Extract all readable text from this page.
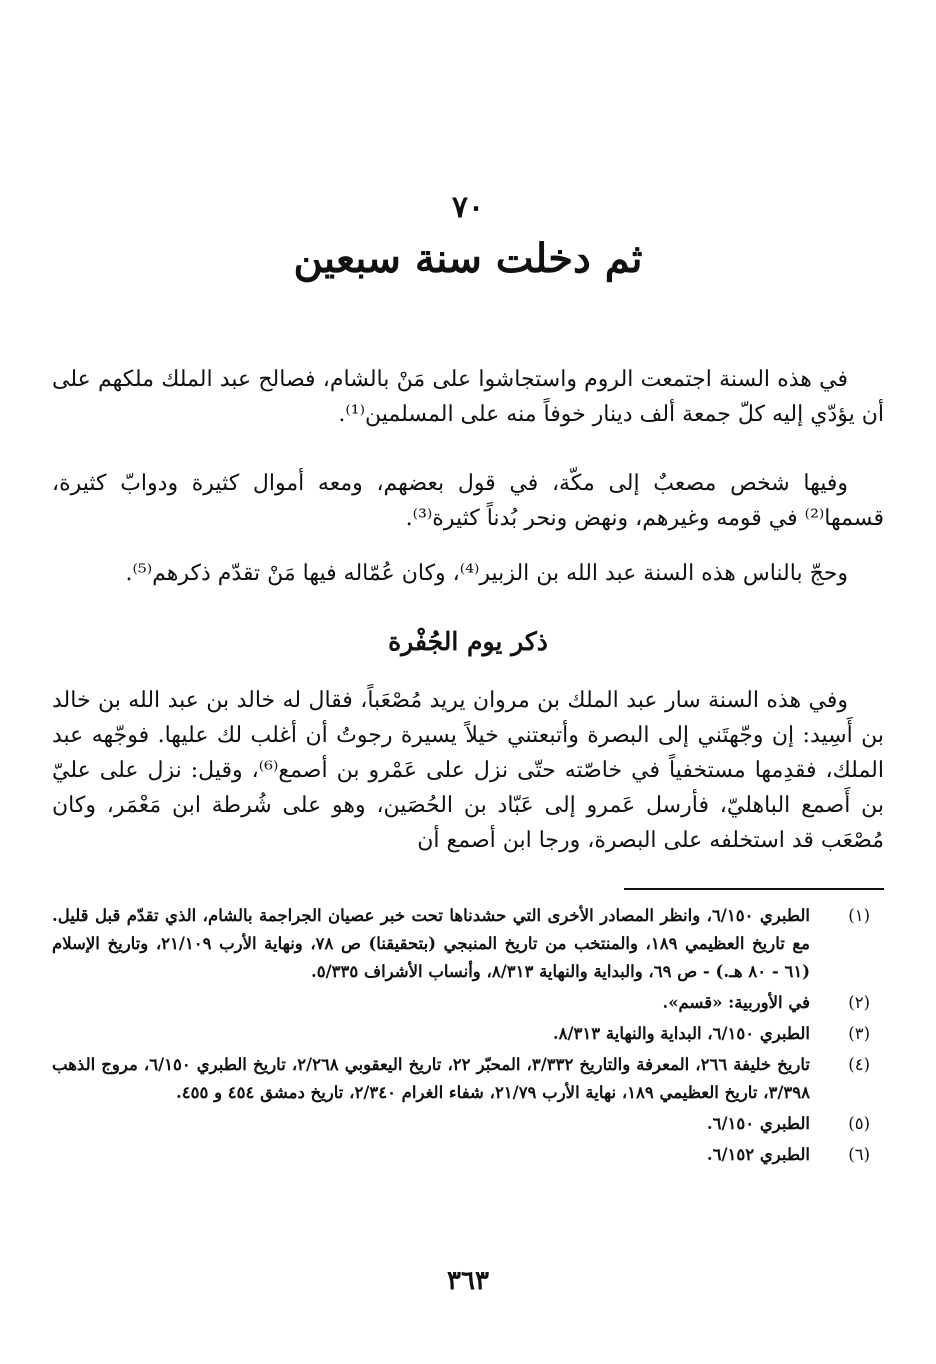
٧٠
ثم دخلت سنة سبعين

في هذه السنة اجتمعت الروم واستجاشوا على مَنْ بالشام، فصالح عبد الملك ملكهم على أن يؤدّي إليه كلّ جمعة ألف دينار خوفاً منه على المسلمين⁽¹⁾.

وفيها شخص مصعبٌ إلى مكّة، في قول بعضهم، ومعه أموال كثيرة ودوابّ كثيرة، قسمها⁽²⁾ في قومه وغيرهم، ونهض ونحر بُدناً كثيرة⁽³⁾.

وحجّ بالناس هذه السنة عبد الله بن الزبير⁽⁴⁾، وكان عُمّاله فيها مَنْ تقدّم ذكرهم⁽⁵⁾.

ذكر يوم الجُفْرة

وفي هذه السنة سار عبد الملك بن مروان يريد مُصْعَباً، فقال له خالد بن عبد الله بن خالد بن أَسِيد: إن وجّهتَني إلى البصرة وأتبعتني خيلاً يسيرة رجوتُ أن أغلب لك عليها. فوجّهه عبد الملك، فقدِمها مستخفياً في خاصّته حتّى نزل على عَمْرو بن أصمع⁽⁶⁾، وقيل: نزل على عليّ بن أَصمع الباهليّ، فأرسل عَمرو إلى عَبّاد بن الحُصَين، وهو على شُرطة ابن مَعْمَر، وكان مُصْعَب قد استخلفه على البصرة، ورجا ابن أصمع أن

(١)
الطبري ٦/١٥٠، وانظر المصادر الأخرى التي حشدناها تحت خبر عصيان الجراجمة بالشام، الذي تقدّم قبل قليل. مع تاريخ العظيمي ١٨٩، والمنتخب من تاريخ المنبجي (بتحقيقنا) ص ٧٨، ونهاية الأرب ٢١/١٠٩، وتاريخ الإسلام (٦١ - ٨٠ هـ.) - ص ٦٩، والبداية والنهاية ٨/٣١٣، وأنساب الأشراف ٥/٣٣٥.
(٢)
في الأوربية: «قسم».
(٣)
الطبري ٦/١٥٠، البداية والنهاية ٨/٣١٣.
(٤)
تاريخ خليفة ٢٦٦، المعرفة والتاريخ ٣/٣٣٢، المحبّر ٢٢، تاريخ اليعقوبي ٢/٢٦٨، تاريخ الطبري ٦/١٥٠، مروج الذهب ٣/٣٩٨، تاريخ العظيمي ١٨٩، نهاية الأرب ٢١/٧٩، شفاء الغرام ٢/٣٤٠، تاريخ دمشق ٤٥٤ و ٤٥٥.
(٥)
الطبري ٦/١٥٠.
(٦)
الطبري ٦/١٥٢.
٣٦٣
